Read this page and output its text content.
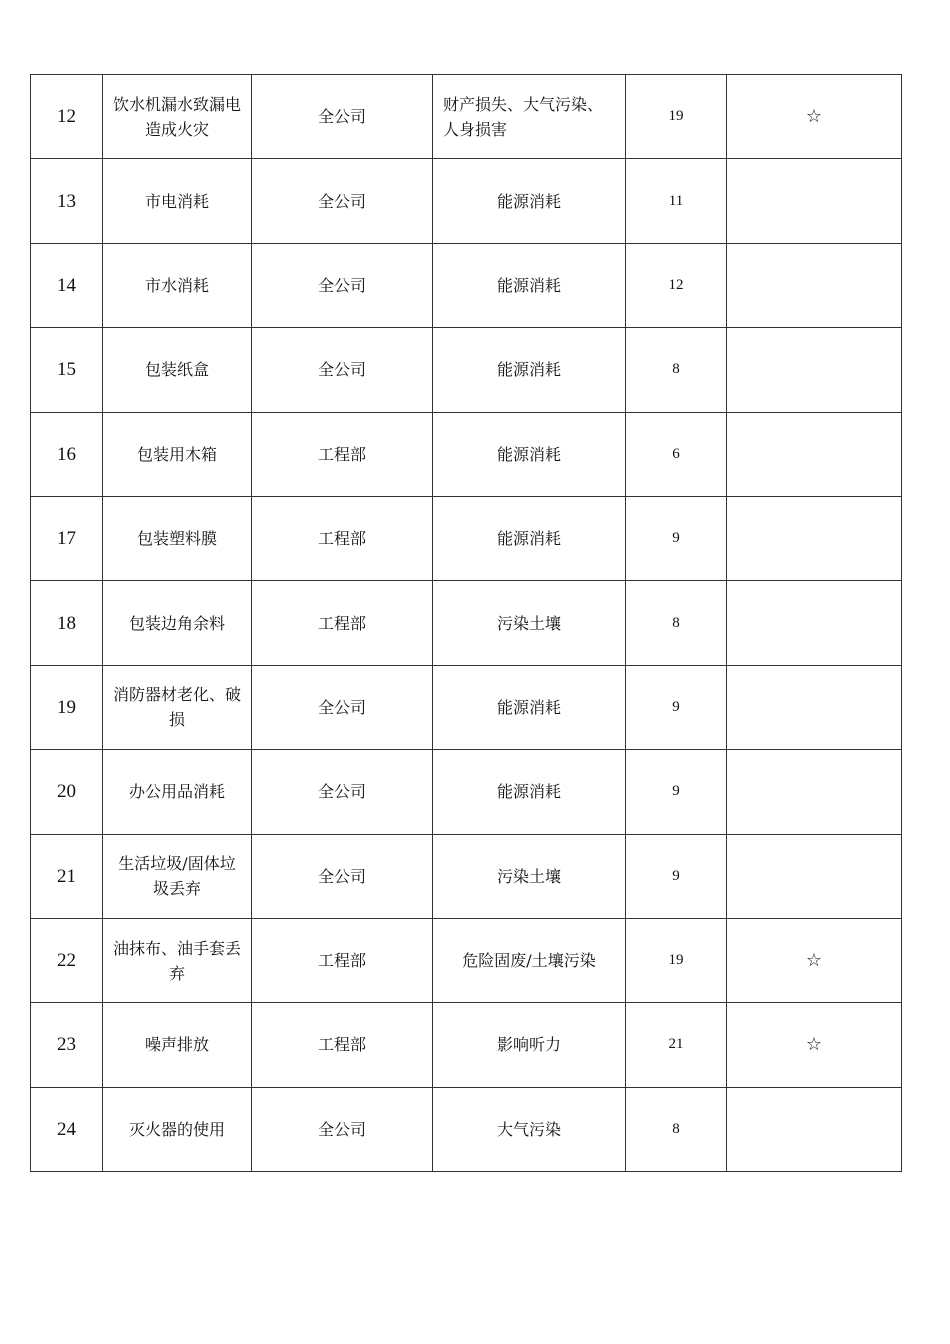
12	饮水机漏水致漏电造成火灾	全公司	财产损失、大气污染、人身损害	19	☆
13	市电消耗	全公司	能源消耗	11	
14	市水消耗	全公司	能源消耗	12	
15	包装纸盒	全公司	能源消耗	8	
16	包装用木箱	工程部	能源消耗	6	
17	包装塑料膜	工程部	能源消耗	9	
18	包装边角余料	工程部	污染土壤	8	
19	消防器材老化、破损	全公司	能源消耗	9	
20	办公用品消耗	全公司	能源消耗	9	
21	生活垃圾/固体垃圾丢弃	全公司	污染土壤	9	
22	油抹布、油手套丢弃	工程部	危险固废/土壤污染	19	☆
23	噪声排放	工程部	影响听力	21	☆
24	灭火器的使用	全公司	大气污染	8	
